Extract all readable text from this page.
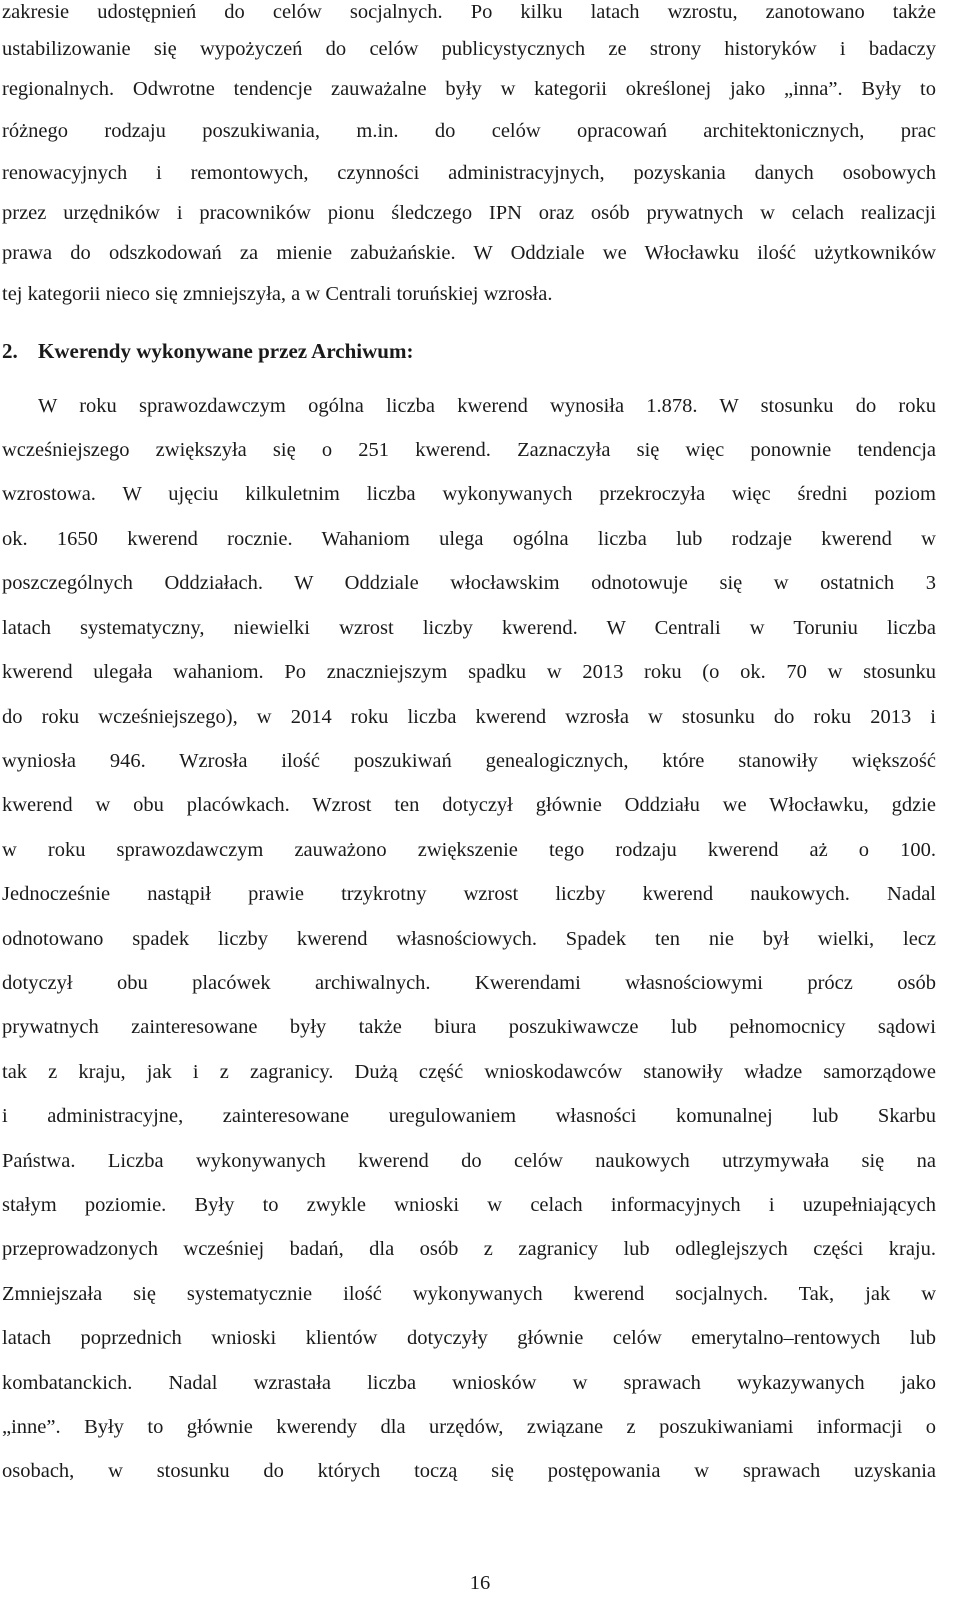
zakresie udostępnień do celów socjalnych. Po kilku latach wzrostu, zanotowano także
ustabilizowanie się wypożyczeń do celów publicystycznych ze strony historyków i badaczy
regionalnych. Odwrotne tendencje zauważalne były w kategorii określonej jako „inna”. Były to
różnego rodzaju poszukiwania, m.in. do celów opracowań architektonicznych, prac
renowacyjnych i remontowych, czynności administracyjnych, pozyskania danych osobowych
przez urzędników i pracowników pionu śledczego IPN oraz osób prywatnych w celach realizacji
prawa do odszkodowań za mienie zabużańskie. W Oddziale we Włocławku ilość użytkowników
tej kategorii nieco się zmniejszyła, a w Centrali toruńskiej wzrosła.
2. Kwerendy wykonywane przez Archiwum:
W roku sprawozdawczym ogólna liczba kwerend wynosiła 1.878. W stosunku do roku
wcześniejszego zwiększyła się o 251 kwerend. Zaznaczyła się więc ponownie tendencja
wzrostowa. W ujęciu kilkuletnim liczba wykonywanych przekroczyła więc średni poziom
ok. 1650 kwerend rocznie. Wahaniom ulega ogólna liczba lub rodzaje kwerend w
poszczególnych Oddziałach. W Oddziale włocławskim odnotowuje się w ostatnich 3
latach systematyczny, niewielki wzrost liczby kwerend. W Centrali w Toruniu liczba
kwerend ulegała wahaniom. Po znaczniejszym spadku w 2013 roku (o ok. 70 w stosunku
do roku wcześniejszego), w 2014 roku liczba kwerend wzrosła w stosunku do roku 2013 i
wyniosła 946. Wzrosła ilość poszukiwań genealogicznych, które stanowiły większość
kwerend w obu placówkach. Wzrost ten dotyczył głównie Oddziału we Włocławku, gdzie
w roku sprawozdawczym zauważono zwiększenie tego rodzaju kwerend aż o 100.
Jednocześnie nastąpił prawie trzykrotny wzrost liczby kwerend naukowych. Nadal
odnotowano spadek liczby kwerend własnościowych. Spadek ten nie był wielki, lecz
dotyczył obu placówek archiwalnych. Kwerendami własnościowymi prócz osób
prywatnych zainteresowane były także biura poszukiwawcze lub pełnomocnicy sądowi
tak z kraju, jak i z zagranicy. Dużą część wnioskodawców stanowiły władze samorządowe
i administracyjne, zainteresowane uregulowaniem własności komunalnej lub Skarbu
Państwa. Liczba wykonywanych kwerend do celów naukowych utrzymywała się na
stałym poziomie. Były to zwykle wnioski w celach informacyjnych i uzupełniających
przeprowadzonych wcześniej badań, dla osób z zagranicy lub odleglejszych części kraju.
Zmniejszała się systematycznie ilość wykonywanych kwerend socjalnych. Tak, jak w
latach poprzednich wnioski klientów dotyczyły głównie celów emerytalno–rentowych lub
kombatanckich. Nadal wzrastała liczba wniosków w sprawach wykazywanych jako
„inne”. Były to głównie kwerendy dla urzędów, związane z poszukiwaniami informacji o
osobach, w stosunku do których toczą się postępowania w sprawach uzyskania
16
